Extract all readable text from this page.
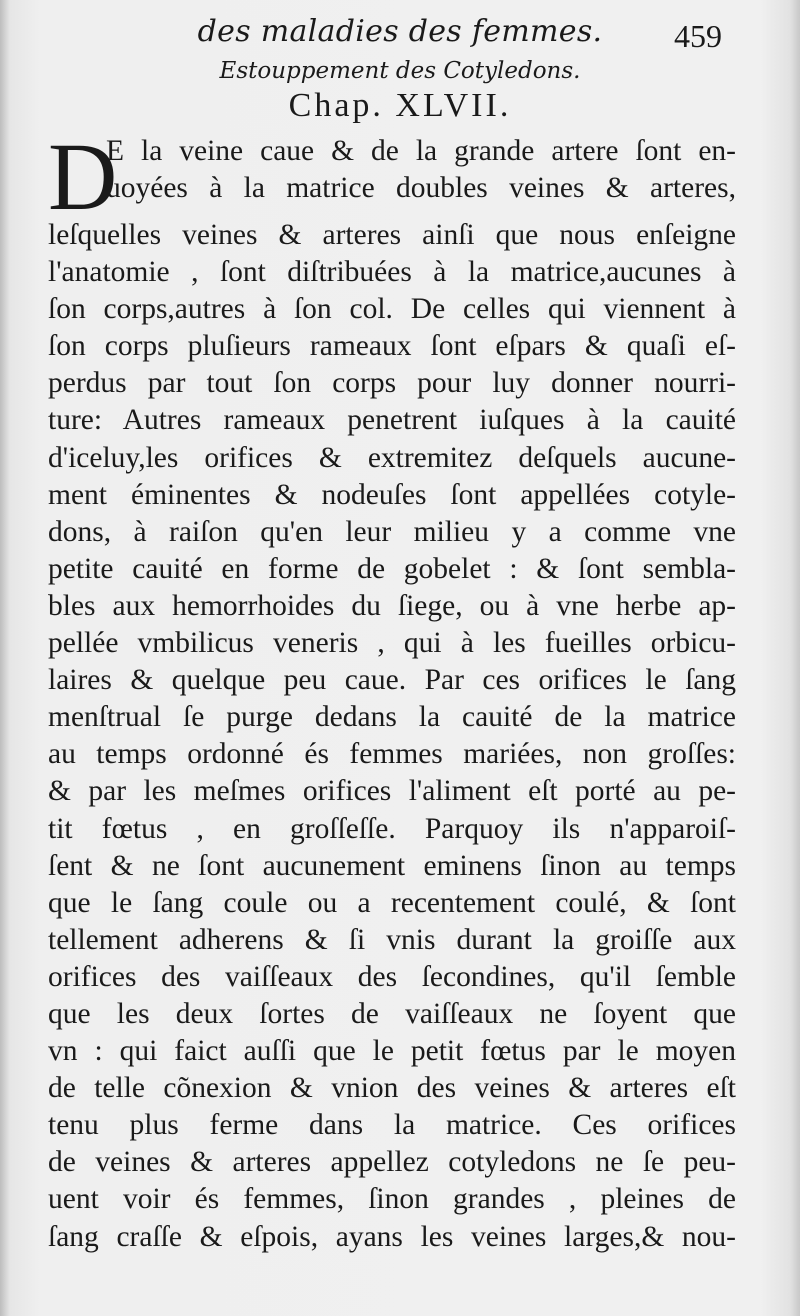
des maladies des femmes.	459
Estouppement des Cotyledons.
Chap. XLVII.
D
E la veine caue & de la grande artere ſont en-
uoyées à la matrice doubles veines & arteres,
leſquelles veines & arteres ainſi que nous enſeigne
l'anatomie , ſont diſtribuées à la matrice,aucunes à
ſon corps,autres à ſon col. De celles qui viennent à
ſon corps pluſieurs rameaux ſont eſpars & quaſi eſ-
perdus par tout ſon corps pour luy donner nourri-
ture: Autres rameaux penetrent iuſques à la cauité
d'iceluy,les orifices & extremitez deſquels aucune-
ment éminentes & nodeuſes ſont appellées cotyle-
dons, à raiſon qu'en leur milieu y a comme vne
petite cauité en forme de gobelet : & ſont sembla-
bles aux hemorrhoides du ſiege, ou à vne herbe ap-
pellée vmbilicus veneris , qui à les fueilles orbicu-
laires & quelque peu caue. Par ces orifices le ſang
menſtrual ſe purge dedans la cauité de la matrice
au temps ordonné és femmes mariées, non groſſes:
& par les meſmes orifices l'aliment eſt porté au pe-
tit fœtus , en groſſeſſe. Parquoy ils n'apparoiſ-
ſent & ne ſont aucunement eminens ſinon au temps
que le ſang coule ou a recentement coulé, & ſont
tellement adherens & ſi vnis durant la groiſſe aux
orifices des vaiſſeaux des ſecondines, qu'il ſemble
que les deux ſortes de vaiſſeaux ne ſoyent que
vn : qui faict auſſi que le petit fœtus par le moyen
de telle cõnexion & vnion des veines & arteres eſt
tenu plus ferme dans la matrice. Ces orifices
de veines & arteres appellez cotyledons ne ſe peu-
uent voir és femmes, ſinon grandes , pleines de
ſang craſſe & eſpois, ayans les veines larges,& nou-
